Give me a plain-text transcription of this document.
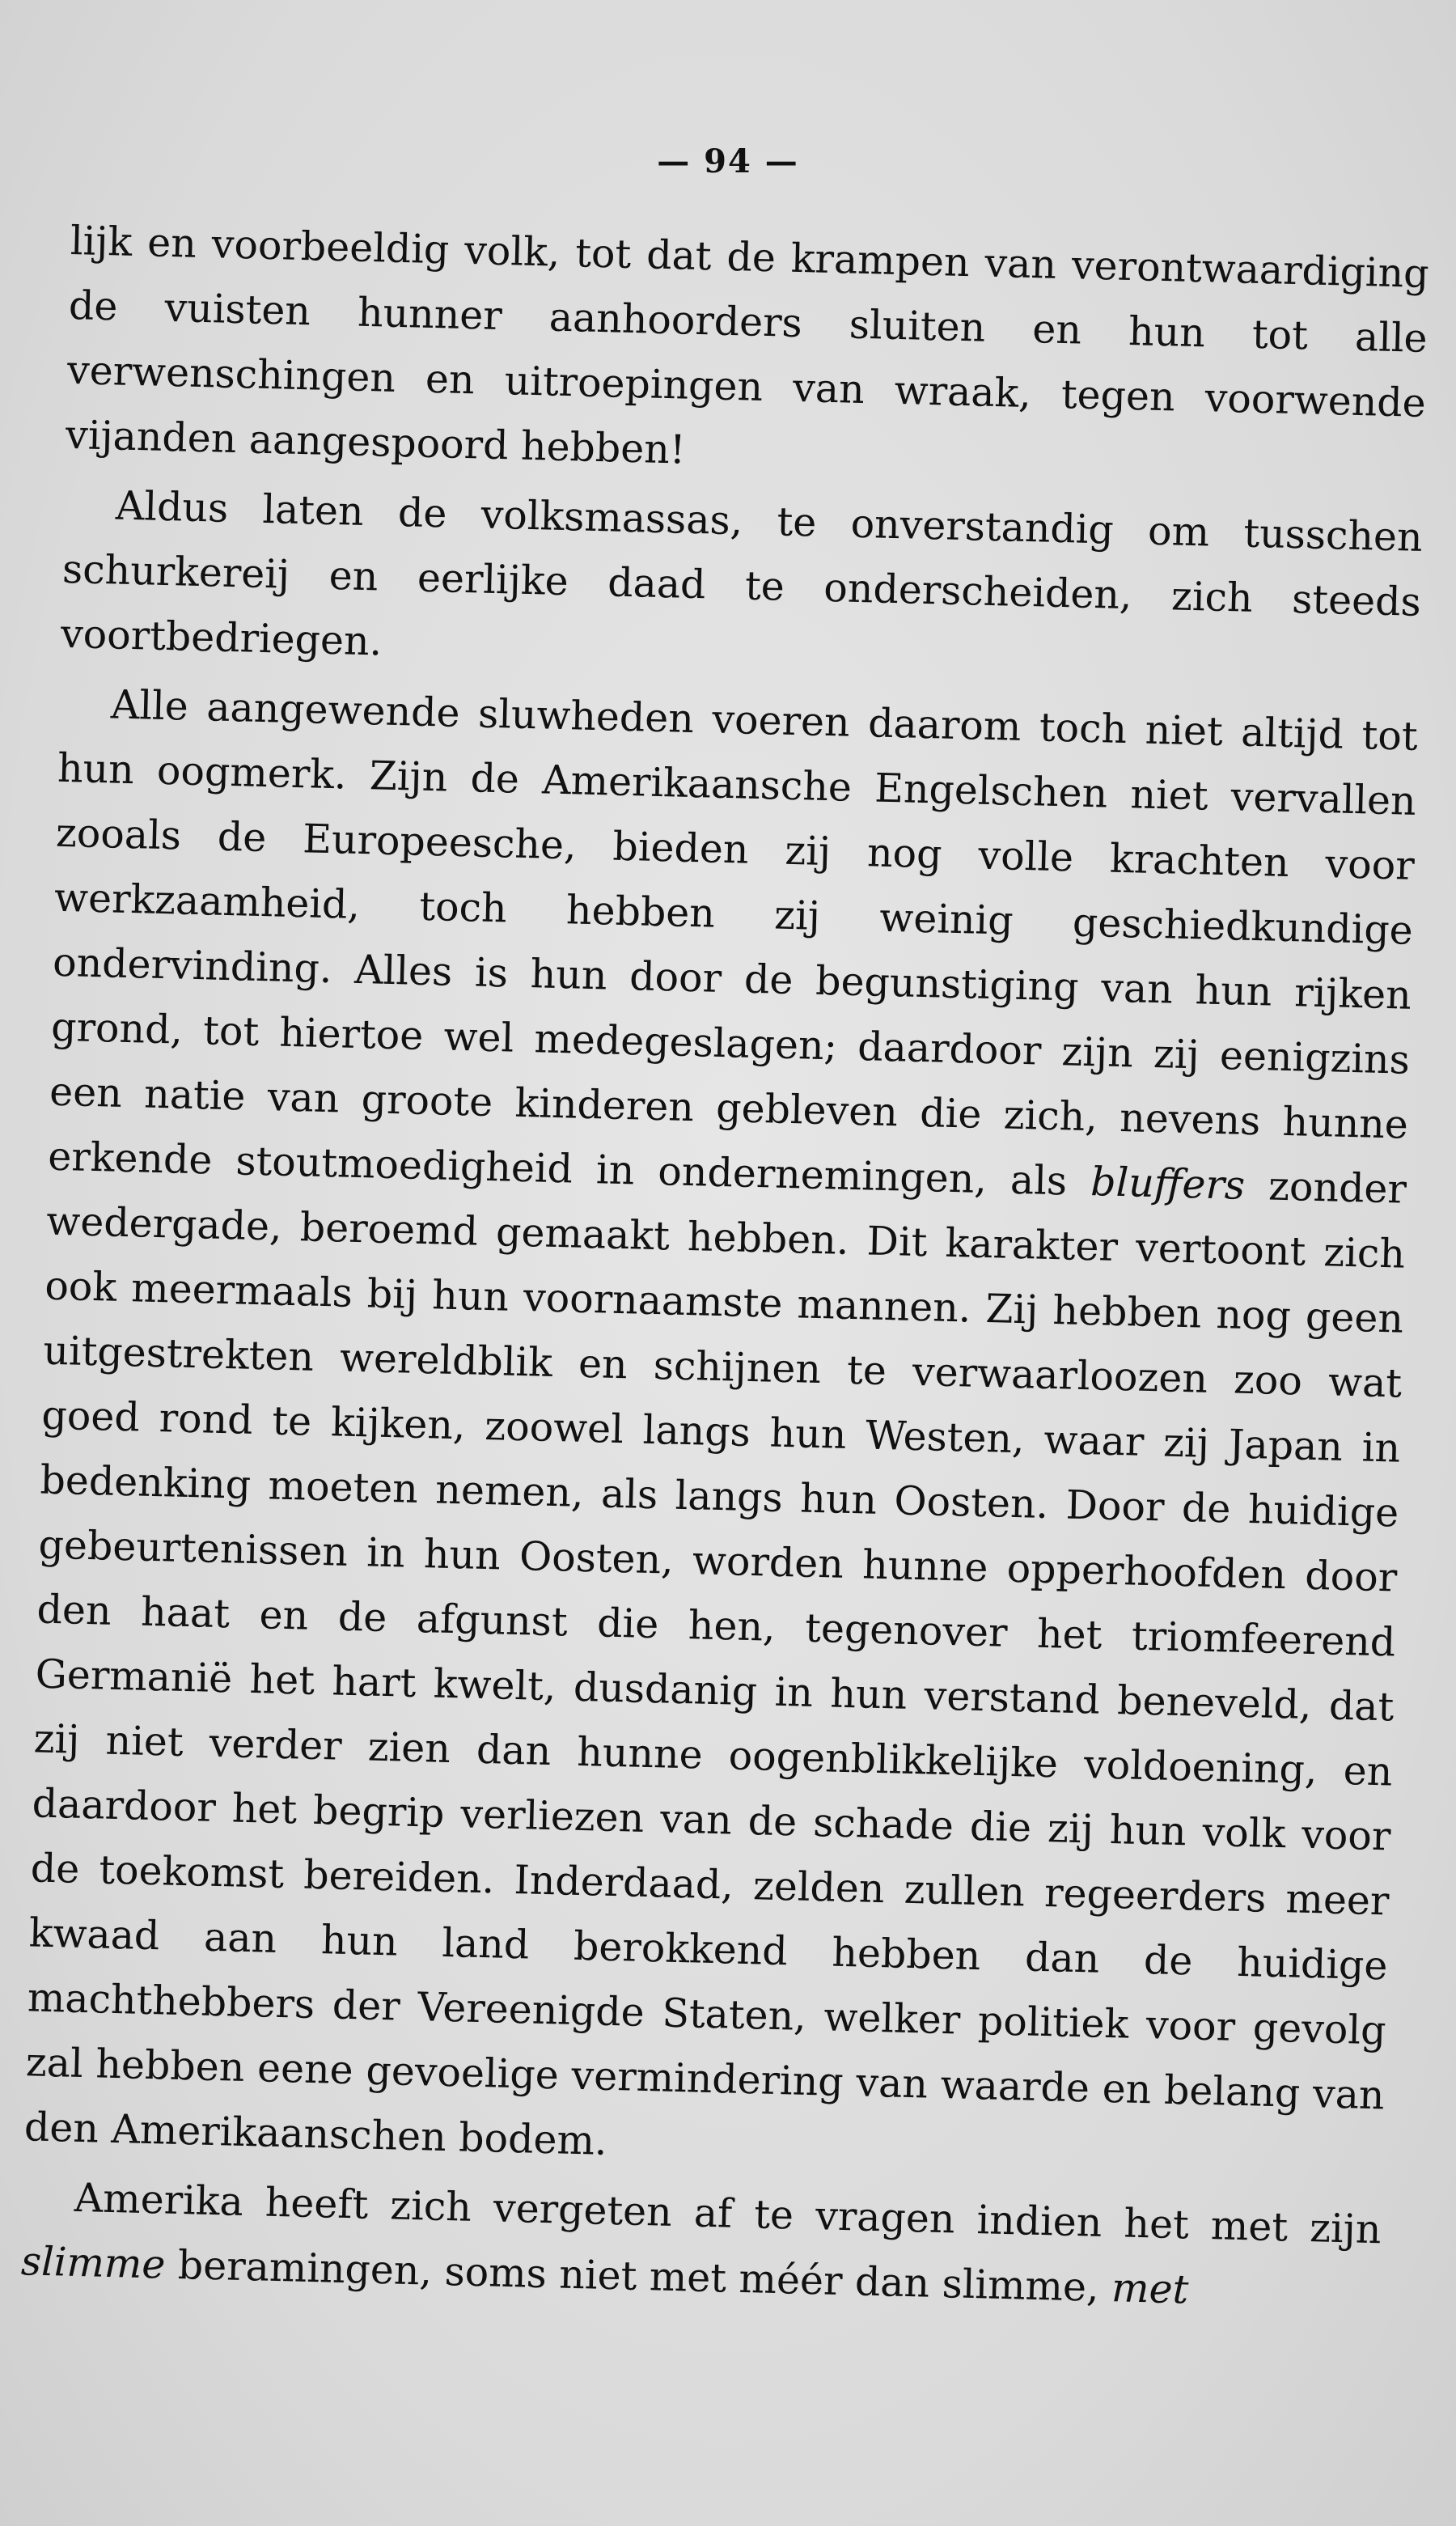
— 94 —

lijk en voorbeeldig volk, tot dat de krampen van verontwaardiging de vuisten hunner aanhoorders sluiten en hun tot alle verwenschingen en uitroepingen van wraak, tegen voorwende vijanden aangespoord hebben!

Aldus laten de volksmassas, te onverstandig om tusschen schurkereij en eerlijke daad te onderscheiden, zich steeds voortbedriegen.

Alle aangewende sluwheden voeren daarom toch niet altijd tot hun oogmerk. Zijn de Amerikaansche Engelschen niet vervallen zooals de Europeesche, bieden zij nog volle krachten voor werkzaamheid, toch hebben zij weinig geschiedkundige ondervinding. Alles is hun door de begunstiging van hun rijken grond, tot hiertoe wel medegeslagen; daardoor zijn zij eenigzins een natie van groote kinderen gebleven die zich, nevens hunne erkende stoutmoedigheid in ondernemingen, als bluffers zonder wedergade, beroemd gemaakt hebben. Dit karakter vertoont zich ook meermaals bij hun voornaamste mannen. Zij hebben nog geen uitgestrekten wereldblik en schijnen te verwaarloozen zoo wat goed rond te kijken, zoowel langs hun Westen, waar zij Japan in bedenking moeten nemen, als langs hun Oosten. Door de huidige gebeurtenissen in hun Oosten, worden hunne opperhoofden door den haat en de afgunst die hen, tegenover het triomfeerend Germanië het hart kwelt, dusdanig in hun verstand beneveld, dat zij niet verder zien dan hunne oogenblikkelijke voldoening, en daardoor het begrip verliezen van de schade die zij hun volk voor de toekomst bereiden. Inderdaad, zelden zullen regeerders meer kwaad aan hun land berokkend hebben dan de huidige machthebbers der Vereenigde Staten, welker politiek voor gevolg zal hebben eene gevoelige vermindering van waarde en belang van den Amerikaanschen bodem.

Amerika heeft zich vergeten af te vragen indien het met zijn slimme beramingen, soms niet met méér dan slimme, met
